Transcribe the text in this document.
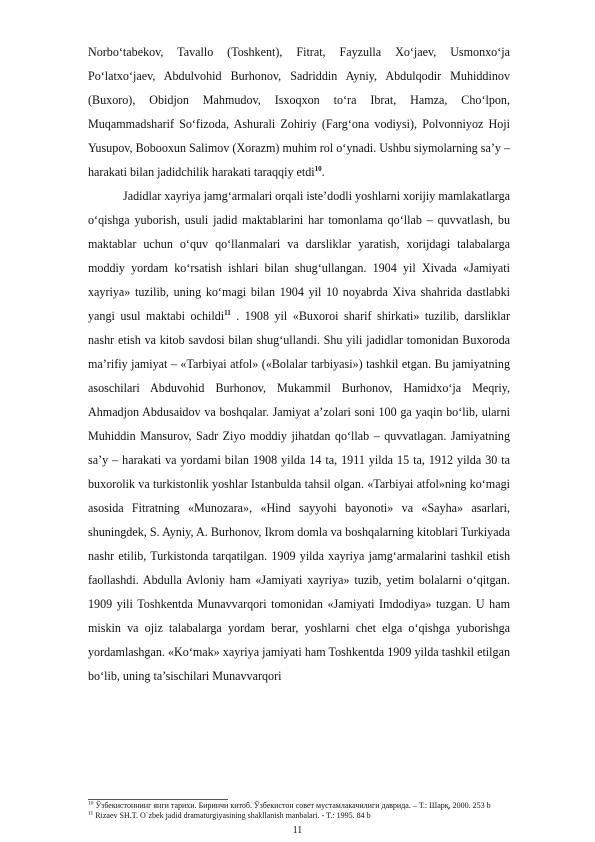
Norbo‘tabekov, Tavallo (Toshkent), Fitrat, Fayzulla Xo‘jaev, Usmonxo‘ja Po‘latxo‘jaev, Abdulvohid Burhonov, Sadriddin Ayniy, Abdulqodir Muhiddinov (Buxoro), Obidjon Mahmudov, Isxoqxon to‘ra Ibrat, Hamza, Cho‘lpon, Muqammadsharif So‘fizoda, Ashurali Zohiriy (Farg‘ona vodiysi), Polvonniyoz Hoji Yusupov, Bobooxun Salimov (Xorazm) muhim rol o‘ynadi. Ushbu siymolarning sa’y – harakati bilan jadidchilik harakati taraqqiy etdi$^{10}$.

Jadidlar xayriya jamg‘armalari orqali iste’dodli yoshlarni xorijiy mamlakatlarga o‘qishga yuborish, usuli jadid maktablarini har tomonlama qo‘llab – quvvatlash, bu maktablar uchun o‘quv qo‘llanmalari va darsliklar yaratish, xorijdagi talabalarga moddiy yordam ko‘rsatish ishlari bilan shug‘ullangan. 1904 yil Xivada «Jamiyati xayriya» tuzilib, uning ko‘magi bilan 1904 yil 10 noyabrda Xiva shahrida dastlabki yangi usul maktabi ochildi$^{11}$ . 1908 yil «Buxoroi sharif shirkati» tuzilib, darsliklar nashr etish va kitob savdosi bilan shug‘ullandi. Shu yili jadidlar tomonidan Buxoroda ma’rifiy jamiyat – «Tarbiyai atfol» («Bolalar tarbiyasi») tashkil etgan. Bu jamiyatning asoschilari Abduvohid Burhonov, Mukammil Burhonov, Hamidxo‘ja Meqriy, Ahmadjon Abdusaidov va boshqalar. Jamiyat a’zolari soni 100 ga yaqin bo‘lib, ularni Muhiddin Mansurov, Sadr Ziyo moddiy jihatdan qo‘llab – quvvatlagan. Jamiyatning sa’y – harakati va yordami bilan 1908 yilda 14 ta, 1911 yilda 15 ta, 1912 yilda 30 ta buxorolik va turkistonlik yoshlar Istanbulda tahsil olgan. «Tarbiyai atfol»ning ko‘magi asosida Fitratning «Munozara», «Hind sayyohi bayonoti» va «Sayha» asarlari, shuningdek, S. Ayniy, A. Burhonov, Ikrom domla va boshqalarning kitoblari Turkiyada nashr etilib, Turkistonda tarqatilgan. 1909 yilda xayriya jamg‘armalarini tashkil etish faollashdi. Abdulla Avloniy ham «Jamiyati xayriya» tuzib, yetim bolalarni o‘qitgan. 1909 yili Toshkentda Munavvarqori tomonidan «Jamiyati Imdodiya» tuzgan. U ham miskin va ojiz talabalarga yordam berar, yoshlarni chet elga o‘qishga yuborishga yordamlashgan. «Ko‘mak» xayriya jamiyati ham Toshkentda 1909 yilda tashkil etilgan bo‘lib, uning ta’sischilari Munavvarqori

$^{10}$ Ўзбекистоннинг янги тарихи. Биринчи китоб. Ўзбекистон совет мустамлакачилиги даврида. – Т.: Шарқ, 2000. 253 b

$^{11}$ Rizaev SH.T. O`zbek jadid dramaturgiyasining shakllanish manbalari. - T.: 1995. 84 b

11
